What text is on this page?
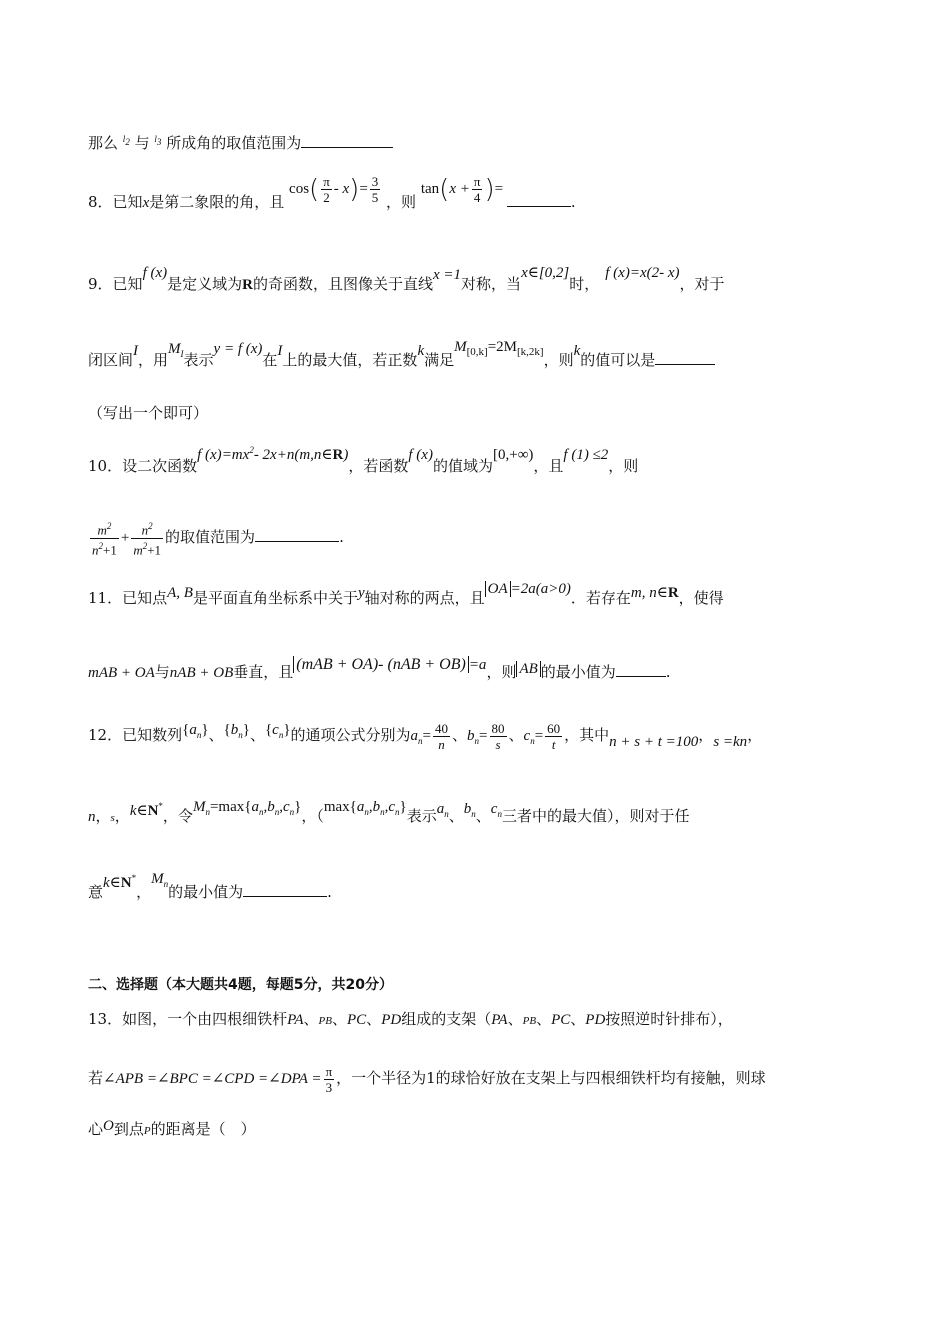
那么 $^{l_2}$ 与 $^{l_3}$ 所成角的取值范围为
8．已知x是第二象限的角，且 $\cos( \frac{\pi}{2} - x)= \frac{3}{5}$ ，则 $\tan(x + \frac{\pi}{4}$ )= .
9．已知f (x)是定义域为R的奇函数，且图像关于直线x =1对称，当x∈[0,2]时，f (x)=x(2- x)，对于
闭区间I，用$M_I$表示y = f (x)在I上的最大值，若正数k满足$M_{[0,k]}=2M_{[k,2k]}$，则k的值可以是
（写出一个即可）
10．设二次函数f $(x)=mx^2-$ 2x+n(m,n∈R)，若函数f (x)的值域为[0,+∞)，且f (1) ≤2，则
$\frac{m^2}{n^2+1} + \frac{n^2}{m^2+1}$ 的取值范围为	.
11．已知点A, B是平面直角坐标系中关于y轴对称的两点，且 OA =2a(a>0)．若存在m, n∈R，使得
mAB + OA与nAB + OB垂直，且 (mAB + OA)- (nAB + OB) =a，则 AB 的最小值为	.
12．已知数列$\{a_n\}$、$\{b_n\}$、$\{c_n\}$的通项公式分别为$a_n= \frac{40}{n}$ 、$b_n= \frac{80}{s}$ 、$c_n= \frac{60}{t}$ ，其中n + s + t =100，s =kn，
n，s，k∈N*，令$M_n=\max\{a_n,b_n,c_n\}$，（$\max\{a_n,b_n,c_n\}$表示$a_n$、$b_n$、$c_n$三者中的最大值），则对于任
意k∈N*，$M_n$的最小值为	.
二、选择题（本大题共4题，每题5分，共20分）
13．如图，一个由四根细铁杆PA、PB、PC、PD组成的支架（PA、PB、PC、PD按照逆时针排布），
若∠APB =∠BPC =∠CPD =∠DPA = $\frac{\pi}{3}$ ，一个半径为1的球恰好放在支架上与四根细铁杆均有接触，则球
心O到点P的距离是（　）
